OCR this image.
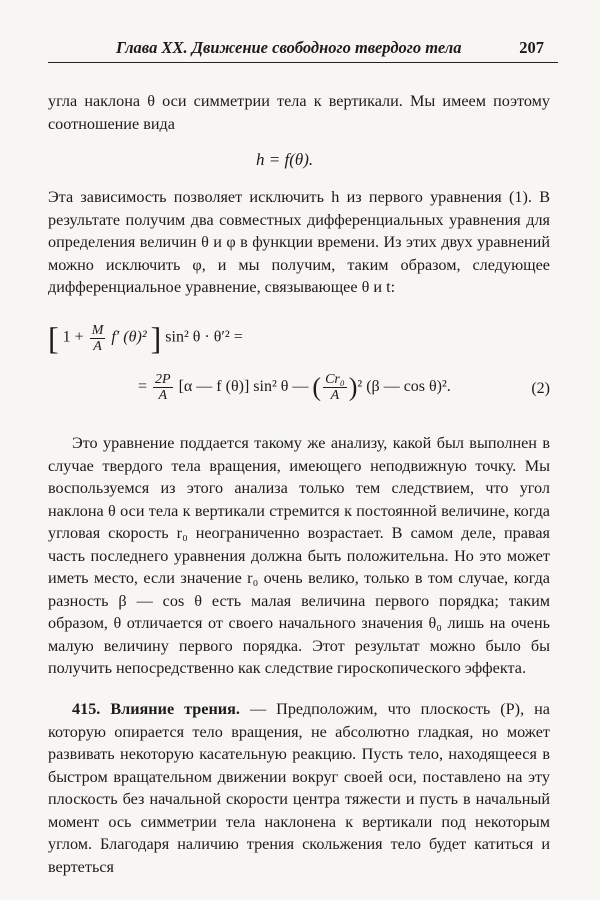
Глава XX. Движение свободного твердого тела	207

угла наклона θ оси симметрии тела к вертикали. Мы имеем поэтому соотношение вида

h = f(θ).

Эта зависимость позволяет исключить h из первого уравнения (1). В результате получим два совместных дифференциальных уравнения для определения величин θ и φ в функции времени. Из этих двух уравнений можно исключить φ, и мы получим, таким образом, следующее дифференциальное уравнение, связывающее θ и t:

[ $1 + \frac{M}{A} f'$ (θ)² ] sin² θ · θ′² =
= $\frac{2P}{A} [\alpha$ — f (θ)] sin² θ — ( $\frac{\text{Cr₀}}{A} )^2$ (β — cos θ)².	(2)

Это уравнение поддается такому же анализу, какой был выполнен в случае твердого тела вращения, имеющего неподвижную точку. Мы воспользуемся из этого анализа только тем следствием, что угол наклона θ оси тела к вертикали стремится к постоянной величине, когда угловая скорость r₀ неограниченно возрастает. В самом деле, правая часть последнего уравнения должна быть положительна. Но это может иметь место, если значение r₀ очень велико, только в том случае, когда разность β — cos θ есть малая величина первого порядка; таким образом, θ отличается от своего начального значения θ₀ лишь на очень малую величину первого порядка. Этот результат можно было бы получить непосредственно как следствие гироскопического эффекта.

415. Влияние трения. — Предположим, что плоскость (P), на которую опирается тело вращения, не абсолютно гладкая, но может развивать некоторую касательную реакцию. Пусть тело, находящееся в быстром вращательном движении вокруг своей оси, поставлено на эту плоскость без начальной скорости центра тяжести и пусть в начальный момент ось симметрии тела наклонена к вертикали под некоторым углом. Благодаря наличию трения скольжения тело будет катиться и вертеться
